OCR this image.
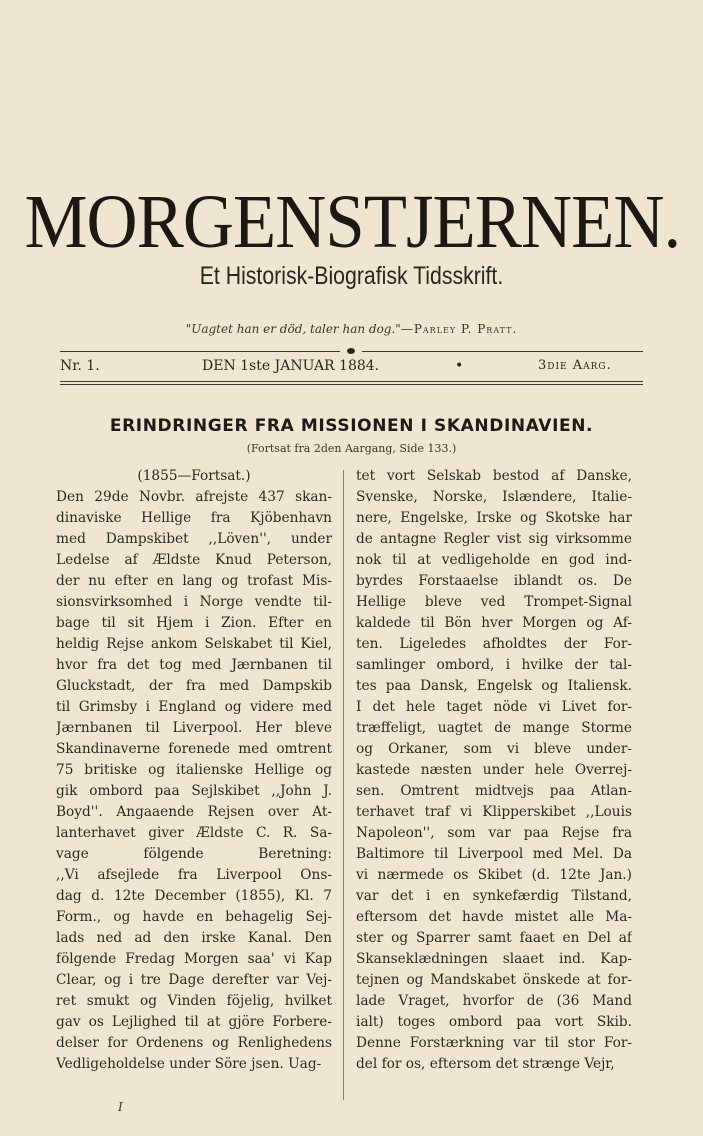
MORGENSTJERNEN.
Et Historisk-Biografisk Tidsskrift.
"Uagtet han er död, taler han dog."—Parley P. Pratt.
Nr. 1.	DEN 1ste JANUAR 1884.	•	3die Aarg.
ERINDRINGER FRA MISSIONEN I SKANDINAVIEN.
(Fortsat fra 2den Aargang, Side 133.)
(1855—Fortsat.)
Den 29de Novbr. afrejste 437 skan-
dinaviske Hellige fra Kjöbenhavn
med Dampskibet ,,Löven'', under
Ledelse af Ældste Knud Peterson,
der nu efter en lang og trofast Mis-
sionsvirksomhed i Norge vendte til-
bage til sit Hjem i Zion. Efter en
heldig Rejse ankom Selskabet til Kiel,
hvor fra det tog med Jærnbanen til
Gluckstadt, der fra med Dampskib
til Grimsby i England og videre med
Jærnbanen til Liverpool. Her bleve
Skandinaverne forenede med omtrent
75 britiske og italienske Hellige og
gik ombord paa Sejlskibet ,,John J.
Boyd''. Angaaende Rejsen over At-
lanterhavet giver Ældste C. R. Sa-
vage fölgende Beretning:
,,Vi afsejlede fra Liverpool Ons-
dag d. 12te December (1855), Kl. 7
Form., og havde en behagelig Sej-
lads ned ad den irske Kanal. Den
fölgende Fredag Morgen saa' vi Kap
Clear, og i tre Dage derefter var Vej-
ret smukt og Vinden föjelig, hvilket
gav os Lejlighed til at gjöre Forbere-
delser for Ordenens og Renlighedens
Vedligeholdelse under Söre jsen. Uag-
tet vort Selskab bestod af Danske,
Svenske, Norske, Islændere, Italie-
nere, Engelske, Irske og Skotske har
de antagne Regler vist sig virksomme
nok til at vedligeholde en god ind-
byrdes Forstaaelse iblandt os. De
Hellige bleve ved Trompet-Signal
kaldede til Bön hver Morgen og Af-
ten. Ligeledes afholdtes der For-
samlinger ombord, i hvilke der tal-
tes paa Dansk, Engelsk og Italiensk.
I det hele taget nöde vi Livet for-
træffeligt, uagtet de mange Storme
og Orkaner, som vi bleve under-
kastede næsten under hele Overrej-
sen. Omtrent midtvejs paa Atlan-
terhavet traf vi Klipperskibet ,,Louis
Napoleon'', som var paa Rejse fra
Baltimore til Liverpool med Mel. Da
vi nærmede os Skibet (d. 12te Jan.)
var det i en synkefærdig Tilstand,
eftersom det havde mistet alle Ma-
ster og Sparrer samt faaet en Del af
Skanseklædningen slaaet ind. Kap-
tejnen og Mandskabet önskede at for-
lade Vraget, hvorfor de (36 Mand
ialt) toges ombord paa vort Skib.
Denne Forstærkning var til stor For-
del for os, eftersom det strænge Vejr,
I
